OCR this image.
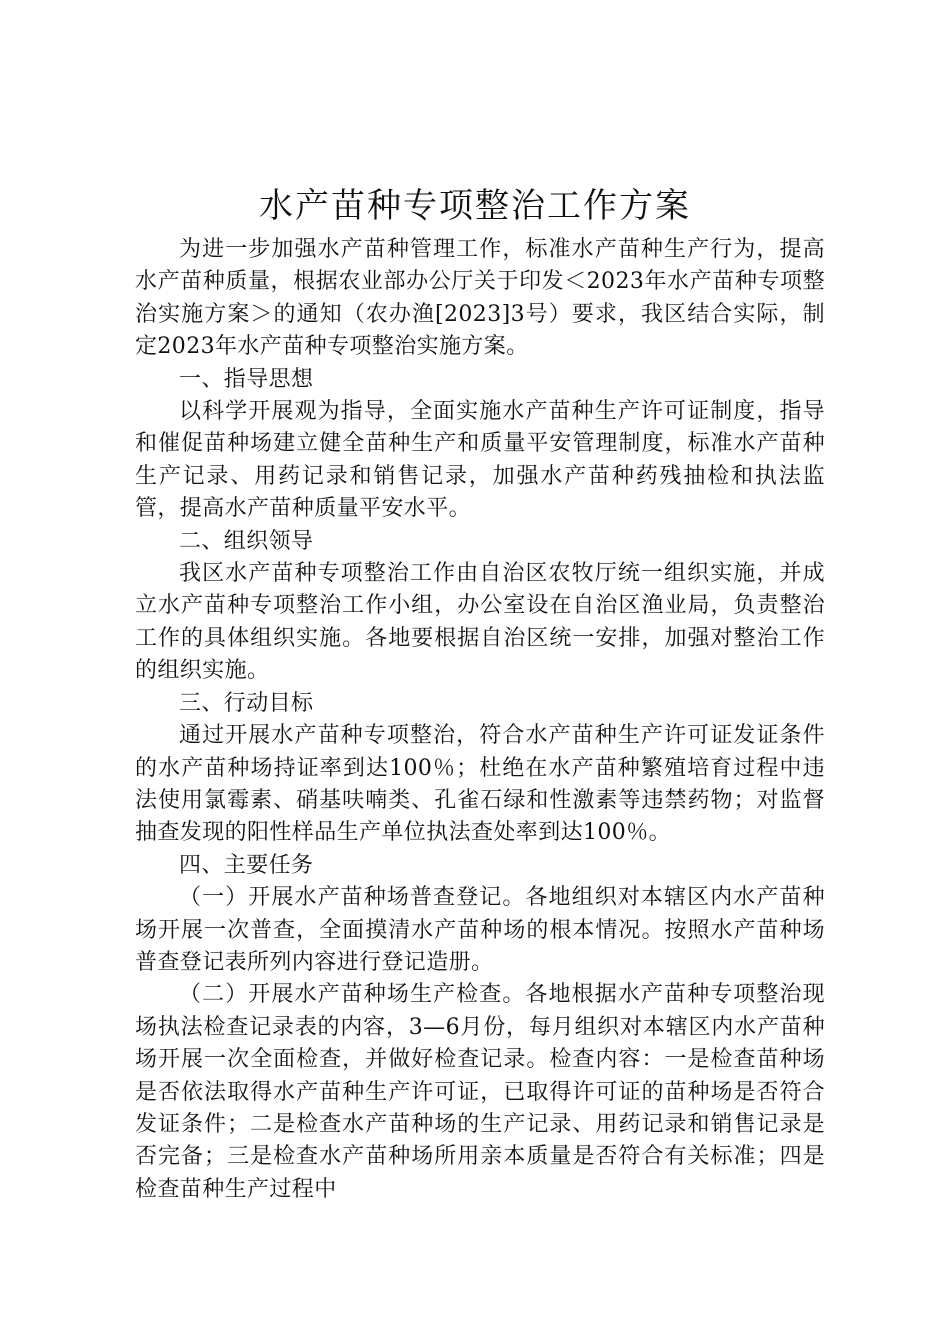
水产苗种专项整治工作方案

为进一步加强水产苗种管理工作，标准水产苗种生产行为，提高水产苗种质量，根据农业部办公厅关于印发＜2023年水产苗种专项整治实施方案＞的通知（农办渔[2023]3号）要求，我区结合实际，制定2023年水产苗种专项整治实施方案。

一、指导思想

以科学开展观为指导，全面实施水产苗种生产许可证制度，指导和催促苗种场建立健全苗种生产和质量平安管理制度，标准水产苗种生产记录、用药记录和销售记录，加强水产苗种药残抽检和执法监管，提高水产苗种质量平安水平。

二、组织领导

我区水产苗种专项整治工作由自治区农牧厅统一组织实施，并成立水产苗种专项整治工作小组，办公室设在自治区渔业局，负责整治工作的具体组织实施。各地要根据自治区统一安排，加强对整治工作的组织实施。

三、行动目标

通过开展水产苗种专项整治，符合水产苗种生产许可证发证条件的水产苗种场持证率到达100％；杜绝在水产苗种繁殖培育过程中违法使用氯霉素、硝基呋喃类、孔雀石绿和性激素等违禁药物；对监督抽查发现的阳性样品生产单位执法查处率到达100％。

四、主要任务

（一）开展水产苗种场普查登记。各地组织对本辖区内水产苗种场开展一次普查，全面摸清水产苗种场的根本情况。按照水产苗种场普查登记表所列内容进行登记造册。

（二）开展水产苗种场生产检查。各地根据水产苗种专项整治现场执法检查记录表的内容，3—6月份，每月组织对本辖区内水产苗种场开展一次全面检查，并做好检查记录。检查内容：一是检查苗种场是否依法取得水产苗种生产许可证，已取得许可证的苗种场是否符合发证条件；二是检查水产苗种场的生产记录、用药记录和销售记录是否完备；三是检查水产苗种场所用亲本质量是否符合有关标准；四是检查苗种生产过程中
